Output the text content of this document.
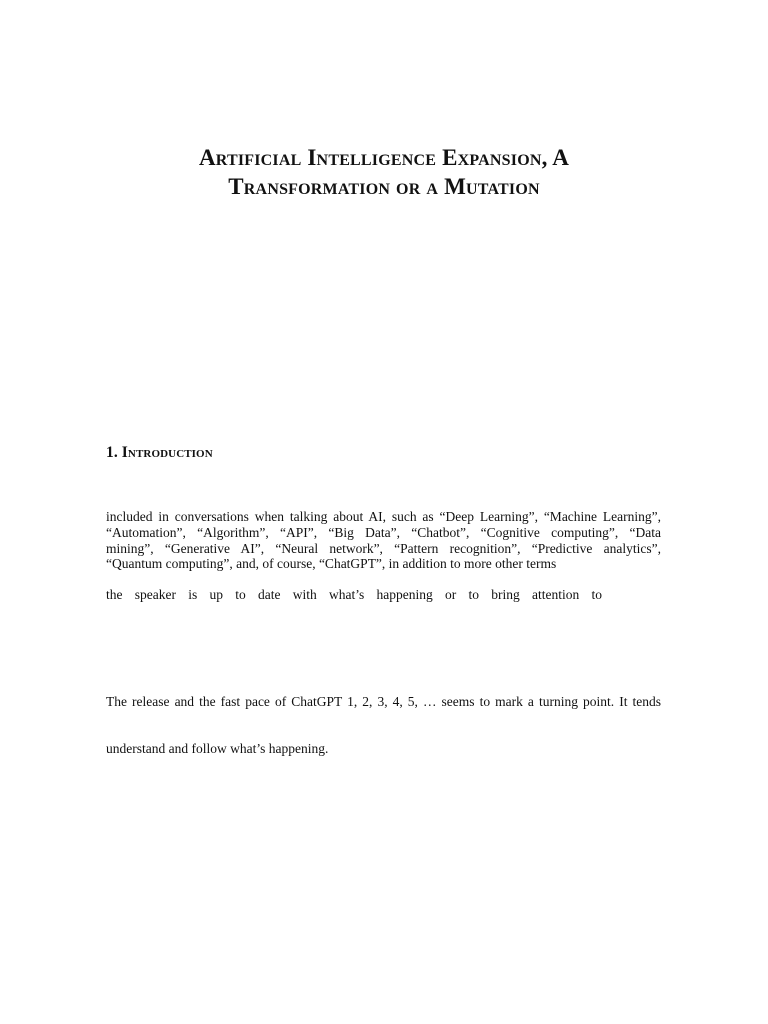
Artificial Intelligence Expansion, A
Transformation or a Mutation
1. Introduction
included in conversations when talking about AI, such as “Deep Learning”, “Machine Learning”,
“Automation”, “Algorithm”, “API”, “Big Data”, “Chatbot”, “Cognitive computing”, “Data
mining”, “Generative AI”, “Neural network”, “Pattern recognition”, “Predictive analytics”,
“Quantum computing”, and, of course, “ChatGPT”, in addition to more other terms
the speaker is up to date with what’s happening or to bring attention to
The release and the fast pace of ChatGPT 1, 2, 3, 4, 5, … seems to mark a turning point. It tends
understand and follow what’s happening.
